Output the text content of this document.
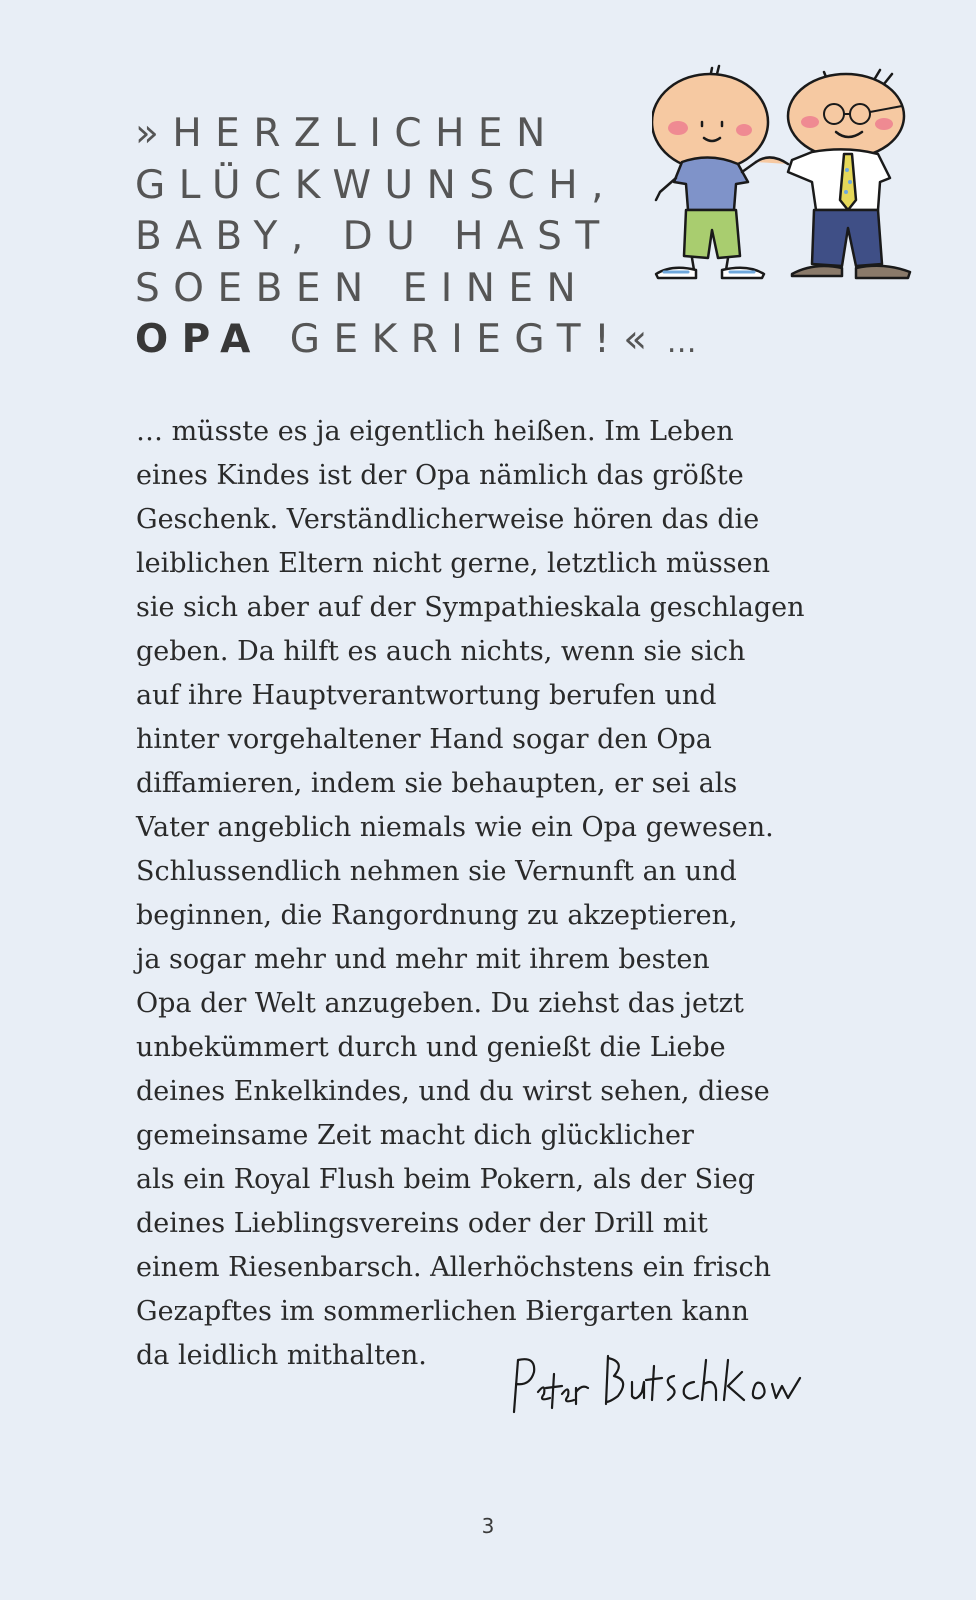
»HERZLICHEN
GLÜCKWUNSCH,
BABY, DU HAST
SOEBEN EINEN
OPA GEKRIEGT!« …
… müsste es ja eigentlich heißen. Im Leben
eines Kindes ist der Opa nämlich das größte
Geschenk. Verständlicherweise hören das die
leiblichen Eltern nicht gerne, letztlich müssen
sie sich aber auf der Sympathieskala geschlagen
geben. Da hilft es auch nichts, wenn sie sich
auf ihre Hauptverantwortung berufen und
hinter vorgehaltener Hand sogar den Opa
diffamieren, indem sie behaupten, er sei als
Vater angeblich niemals wie ein Opa gewesen.
Schlussendlich nehmen sie Vernunft an und
beginnen, die Rangordnung zu akzeptieren,
ja sogar mehr und mehr mit ihrem besten
Opa der Welt anzugeben. Du ziehst das jetzt
unbekümmert durch und genießt die Liebe
deines Enkelkindes, und du wirst sehen, diese
gemeinsame Zeit macht dich glücklicher
als ein Royal Flush beim Pokern, als der Sieg
deines Lieblingsvereins oder der Drill mit
einem Riesenbarsch. Allerhöchstens ein frisch
Gezapftes im sommerlichen Biergarten kann
da leidlich mithalten.
3
